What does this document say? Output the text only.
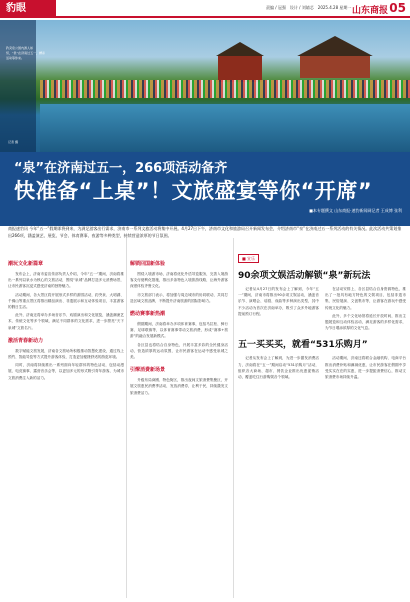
豹眼	责编 / 冠强　设计 / 刘婧芯　2025.4.28 星期一 山东商报 05
趵突泉公园内游人如织，“泉”在济南过五一，精彩活动等你来。
记者 摄
“泉”在济南过五一，266项活动备齐
快准备“上桌”！文旅盛宴等你“开席”
■本专题撰文 山东商报·速豹新闻网记者 王成博 张利
商报速豹讯 今年“五一”假期即将到来，为满足游客出行需求，济南市一系列文旅活动将集中开展。4月27日下午，济南市文化和旅游局召开新闻发布会，介绍济南市“泉”在济南过五一系列活动的有关情况。此次活动共策划推出266项，涵盖演艺、展览、节会、体育赛事、夜游等多种类型，持续营造浓厚的节日氛围。
潮玩文化新篇章
发布会上，济南市委宣传部负责人介绍，今年“五一”期间，济南将推出一系列以泉水为核心的文旅活动，围绕“泉城”品牌打造多元消费场景，让市民游客沉浸式感受济南的独特魅力。
活动期间，各大景区将开展形式多样的游园活动，趵突泉、大明湖、千佛山等重点景区将推出精品演出、非遗展示和互动体验项目，丰富游客的假日生活。
此外，济南还将举办多场音乐节、戏剧演出和文化展览，涵盖潮流艺术、传统文化等多个领域，满足不同群体的文化需求，进一步擦亮“天下泉城”文旅名片。
激活青春新动力
数字赋能文旅发展，济南各文旅场所积极推动智慧化建设，通过线上预约、智能导览等方式提升游客体验，打造更加便捷舒适的游览环境。
同时，济南将持续推出一系列面向年轻群体的特色活动，包括动漫展、电竞赛事、露营音乐会等，以更加多元的形式吸引青年游客，为城市文旅消费注入新的活力。
解锁回国新体验
围绕入境游市场，济南将优化外语导览服务，完善入境游客支付便利化措施，推出多条特色入境旅游线路，让海外游客深度体验齐鲁文化。
市文旅部门表示，将加强与周边城市的协同联动，共同打造区域文旅品牌，不断提升济南旅游的国际影响力。
燃动赛事新热潮
假期期间，济南将举办多项体育赛事，包括马拉松、骑行赛、足球联赛等，以体育赛事带动文旅消费，形成“赛事+旅游”的融合发展新模式。
各区县也将结合自身特色，开展丰富多彩的全民健身活动，营造浓厚的运动氛围，让市民游客在运动中感受泉城之美。
引燎消费新场景
升级布局商圈、特色街区，推出夜间文旅消费集聚区，开展文旅惠民消费季活动，发放消费券，让利于民，持续激发文旅消费活力。
■ 宣乐
90余项文娱活动解锁“泉”新玩法
记者从4月27日的发布会上了解到，今年“五一”期间，济南市将推出90余项文娱活动，涵盖音乐节、演唱会、话剧、戏曲等多种演出类型，其中不少活动为首次在济南举办，吸引了众多外地游客提前预订行程。
在活动安排上，各区县结合自身资源特色，推出了一批具有地方特色的文娱项目，包括非遗市集、民俗展演、文创集市等，让游客在游玩中感受传统文化的魅力。
此外，多个文化场馆将延长开放时间，推出主题展览和互动体验活动，满足游客的多样化需求，为节日增添浓厚的文化气息。
五一买买买，就看“531乐购月”
记者从发布会上了解到，为进一步激发消费活力，济南将在“五一”期间启动“531乐购月”活动，组织各大商场、超市、餐饮企业推出优惠促销活动，覆盖吃住行游购娱各个领域。
活动期间，济南还将联合金融机构、电商平台推出消费补贴和满减优惠，让市民游客在假期中享受实实在在的实惠，进一步提振消费信心，推动文旅消费市场持续升温。
